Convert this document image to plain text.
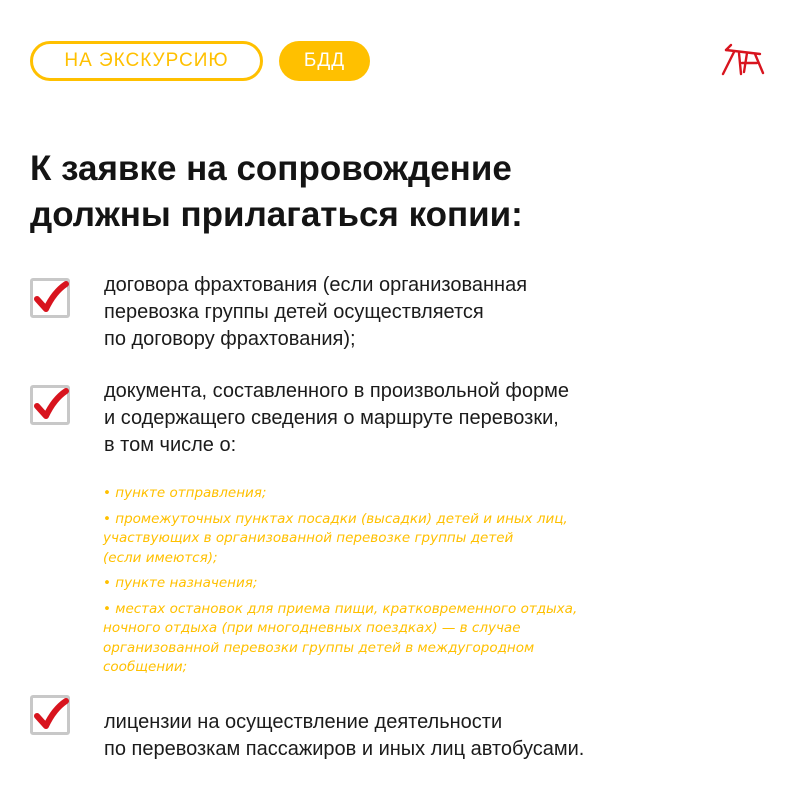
НА ЭКСКУРСИЮ	БДД
К заявке на сопровождение
должны прилагаться копии:

договора фрахтования (если организованная
перевозка группы детей осуществляется
по договору фрахтования);

документа, составленного в произвольной форме
и содержащего сведения о маршруте перевозки,
в том числе о:

• пункте отправления;
• промежуточных пунктах посадки (высадки) детей и иных лиц,
участвующих в организованной перевозке группы детей
(если имеются);
• пункте назначения;
• местах остановок для приема пищи, кратковременного отдыха,
ночного отдыха (при многодневных поездках) — в случае
организованной перевозки группы детей в междугородном
сообщении;

лицензии на осуществление деятельности
по перевозкам пассажиров и иных лиц автобусами.
